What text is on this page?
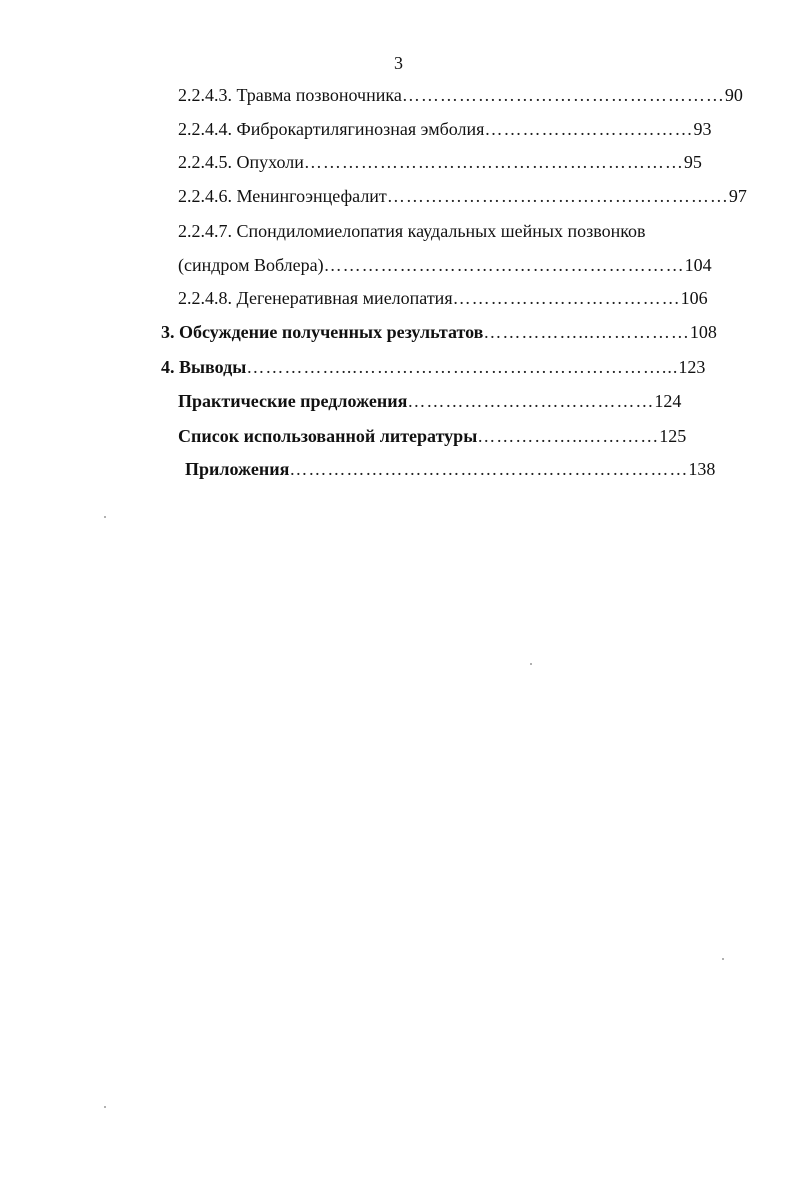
3
2.2.4.3. Травма позвоночника……………………………………………90
2.2.4.4. Фиброкартилягинозная эмболия……………………………93
2.2.4.5. Опухоли……………………………………………………95
2.2.4.6. Менингоэнцефалит………………………………………………97
2.2.4.7. Спондиломиелопатия каудальных шейных позвонков
(синдром Воблера)…………………………………………………104
2.2.4.8. Дегенеративная миелопатия………………………………106
3. Обсуждение полученных результатов……………...……………108
4. Выводы……………...…………………………………………...123
Практические предложения…………………………………124
Список использованной литературы……………..…………125
Приложения………………………………………………………138
